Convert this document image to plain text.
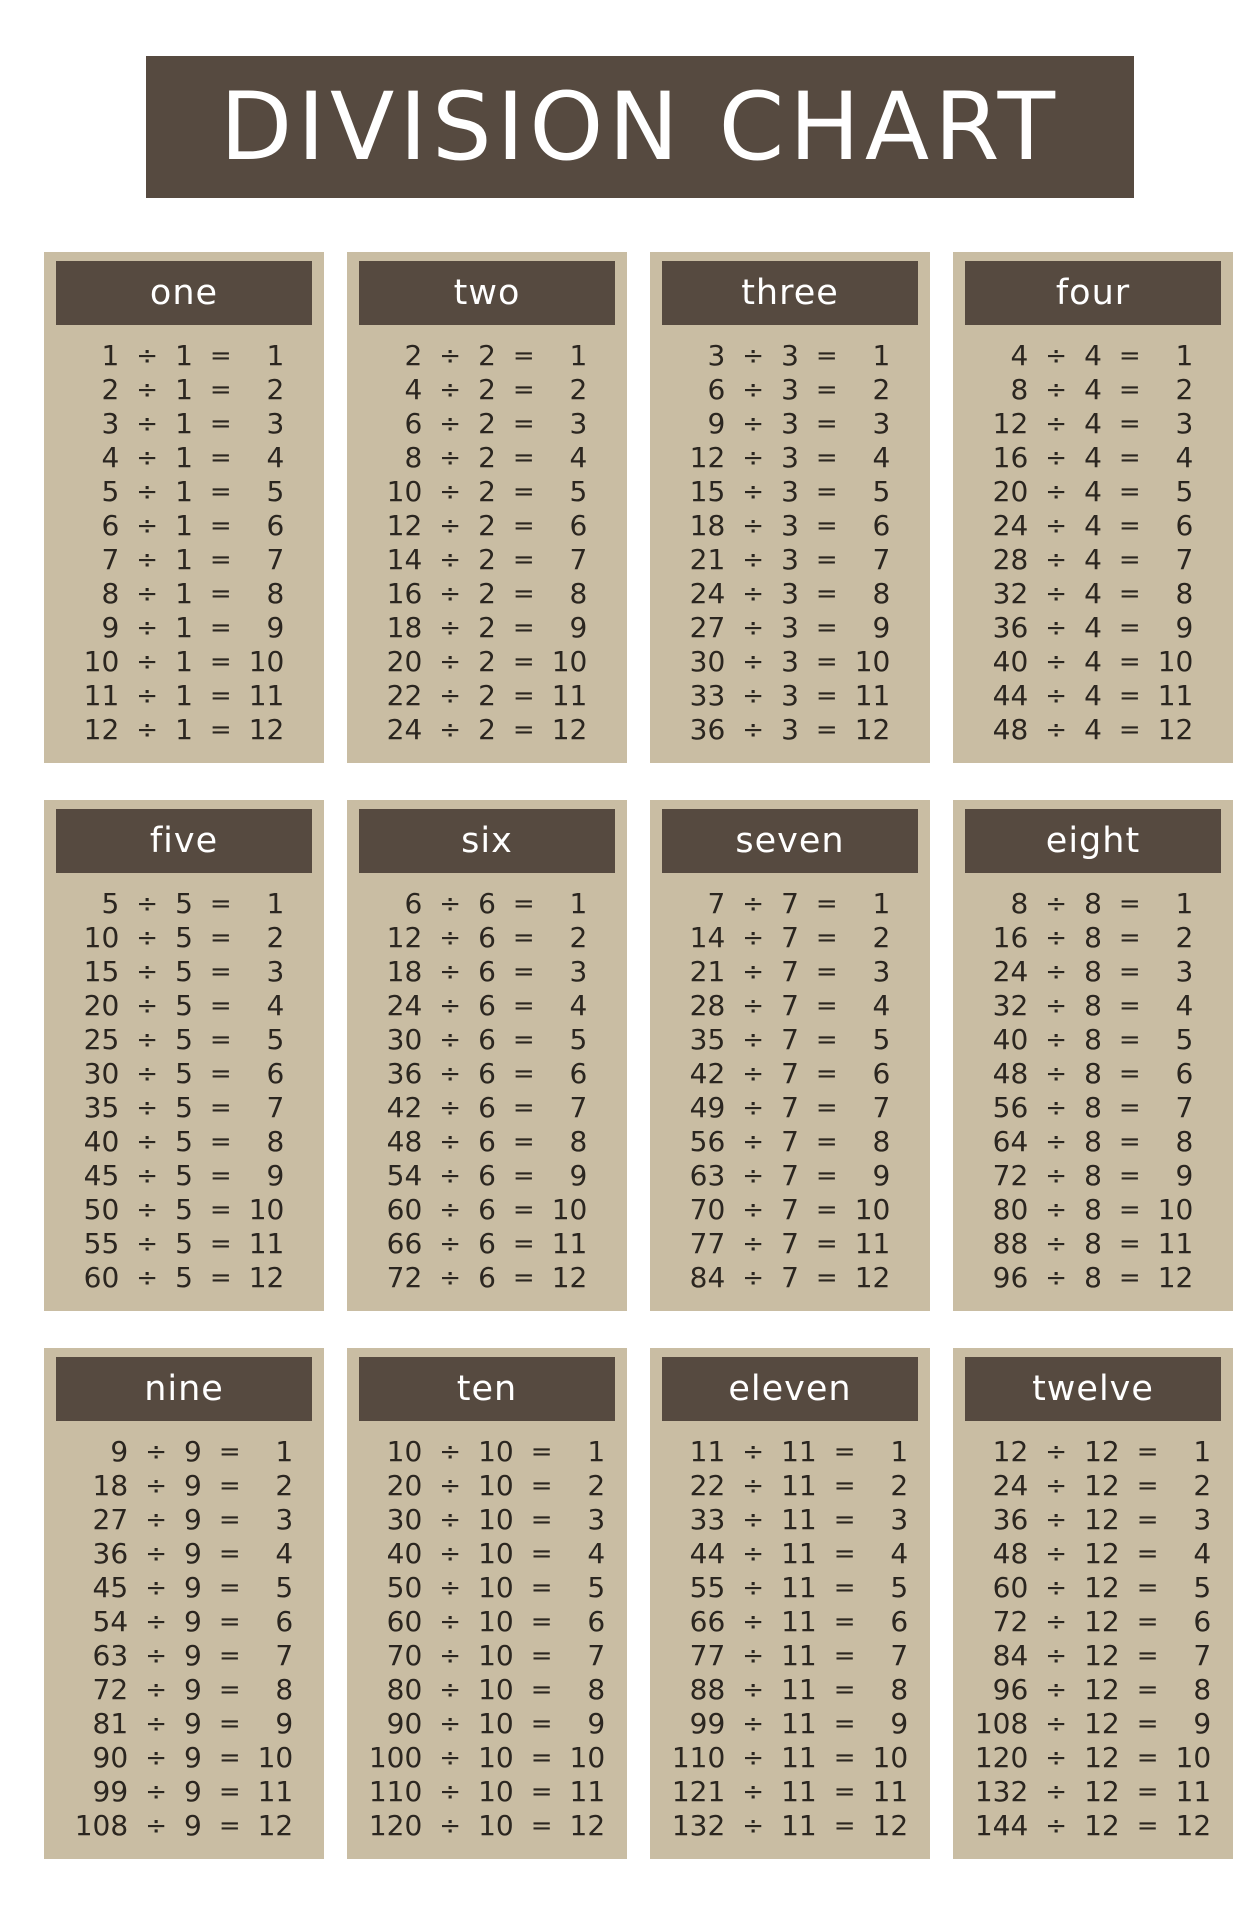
DIVISION CHART
one
1	÷	1	=	1
2	÷	1	=	2
3	÷	1	=	3
4	÷	1	=	4
5	÷	1	=	5
6	÷	1	=	6
7	÷	1	=	7
8	÷	1	=	8
9	÷	1	=	9
10	÷	1	=	10
11	÷	1	=	11
12	÷	1	=	12
two
2	÷	2	=	1
4	÷	2	=	2
6	÷	2	=	3
8	÷	2	=	4
10	÷	2	=	5
12	÷	2	=	6
14	÷	2	=	7
16	÷	2	=	8
18	÷	2	=	9
20	÷	2	=	10
22	÷	2	=	11
24	÷	2	=	12
three
3	÷	3	=	1
6	÷	3	=	2
9	÷	3	=	3
12	÷	3	=	4
15	÷	3	=	5
18	÷	3	=	6
21	÷	3	=	7
24	÷	3	=	8
27	÷	3	=	9
30	÷	3	=	10
33	÷	3	=	11
36	÷	3	=	12
four
4	÷	4	=	1
8	÷	4	=	2
12	÷	4	=	3
16	÷	4	=	4
20	÷	4	=	5
24	÷	4	=	6
28	÷	4	=	7
32	÷	4	=	8
36	÷	4	=	9
40	÷	4	=	10
44	÷	4	=	11
48	÷	4	=	12
five
5	÷	5	=	1
10	÷	5	=	2
15	÷	5	=	3
20	÷	5	=	4
25	÷	5	=	5
30	÷	5	=	6
35	÷	5	=	7
40	÷	5	=	8
45	÷	5	=	9
50	÷	5	=	10
55	÷	5	=	11
60	÷	5	=	12
six
6	÷	6	=	1
12	÷	6	=	2
18	÷	6	=	3
24	÷	6	=	4
30	÷	6	=	5
36	÷	6	=	6
42	÷	6	=	7
48	÷	6	=	8
54	÷	6	=	9
60	÷	6	=	10
66	÷	6	=	11
72	÷	6	=	12
seven
7	÷	7	=	1
14	÷	7	=	2
21	÷	7	=	3
28	÷	7	=	4
35	÷	7	=	5
42	÷	7	=	6
49	÷	7	=	7
56	÷	7	=	8
63	÷	7	=	9
70	÷	7	=	10
77	÷	7	=	11
84	÷	7	=	12
eight
8	÷	8	=	1
16	÷	8	=	2
24	÷	8	=	3
32	÷	8	=	4
40	÷	8	=	5
48	÷	8	=	6
56	÷	8	=	7
64	÷	8	=	8
72	÷	8	=	9
80	÷	8	=	10
88	÷	8	=	11
96	÷	8	=	12
nine
9	÷	9	=	1
18	÷	9	=	2
27	÷	9	=	3
36	÷	9	=	4
45	÷	9	=	5
54	÷	9	=	6
63	÷	9	=	7
72	÷	9	=	8
81	÷	9	=	9
90	÷	9	=	10
99	÷	9	=	11
108	÷	9	=	12
ten
10	÷	10	=	1
20	÷	10	=	2
30	÷	10	=	3
40	÷	10	=	4
50	÷	10	=	5
60	÷	10	=	6
70	÷	10	=	7
80	÷	10	=	8
90	÷	10	=	9
100	÷	10	=	10
110	÷	10	=	11
120	÷	10	=	12
eleven
11	÷	11	=	1
22	÷	11	=	2
33	÷	11	=	3
44	÷	11	=	4
55	÷	11	=	5
66	÷	11	=	6
77	÷	11	=	7
88	÷	11	=	8
99	÷	11	=	9
110	÷	11	=	10
121	÷	11	=	11
132	÷	11	=	12
twelve
12	÷	12	=	1
24	÷	12	=	2
36	÷	12	=	3
48	÷	12	=	4
60	÷	12	=	5
72	÷	12	=	6
84	÷	12	=	7
96	÷	12	=	8
108	÷	12	=	9
120	÷	12	=	10
132	÷	12	=	11
144	÷	12	=	12
